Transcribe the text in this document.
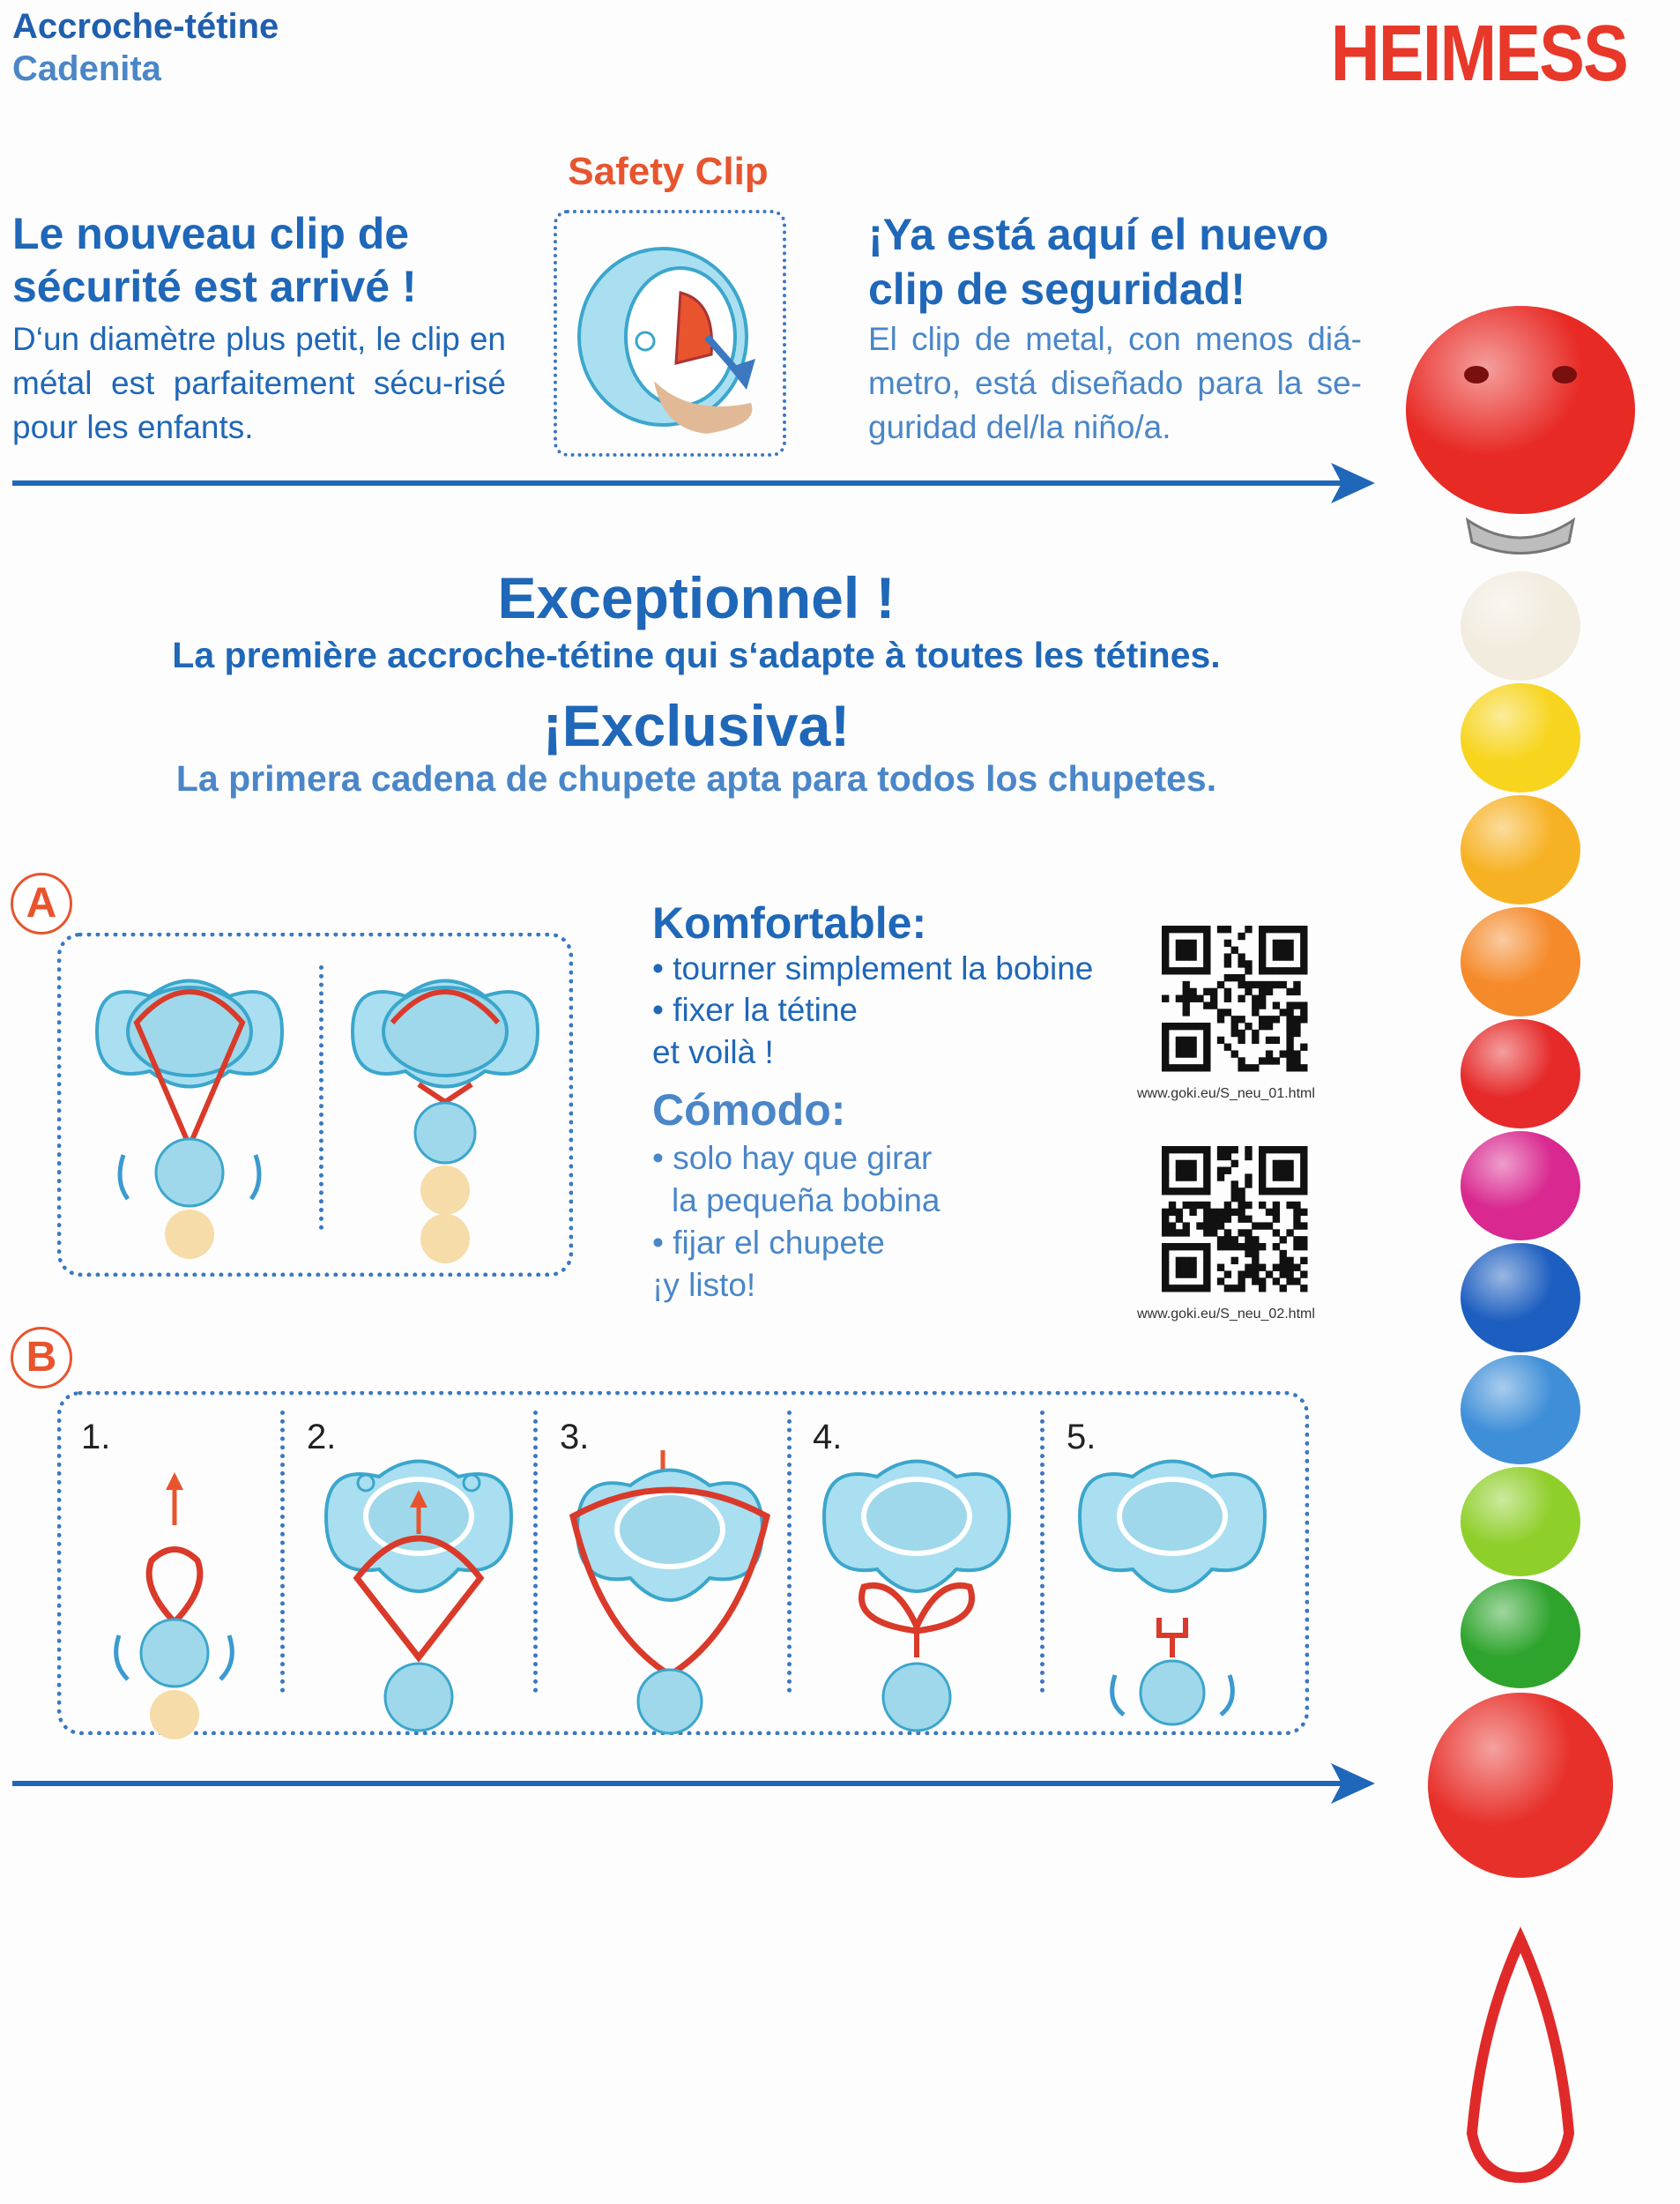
Accroche-tétine
Cadenita	HEIMESS
Le nouveau clip de sécurité est arrivé !
D‘un diamètre plus petit, le clip en métal est parfaitement sécu-risé pour les enfants.
Safety Clip
¡Ya está aquí el nuevo clip de seguridad!
El clip de metal, con menos diá-metro, está diseñado para la se-guridad del/la niño/a.
Exceptionnel !
La première accroche-tétine qui s‘adapte à toutes les tétines.
¡Exclusiva!
La primera cadena de chupete apta para todos los chupetes.
A	Komfortable:
• tourner simplement la bobine
• fixer la tétine
et voilà !
Cómodo:
• solo hay que girar
la pequeña bobina
• fijar el chupete
¡y listo!
www.goki.eu/S_neu_01.html
www.goki.eu/S_neu_02.html
B
1.	2.	3.	4.	5.
